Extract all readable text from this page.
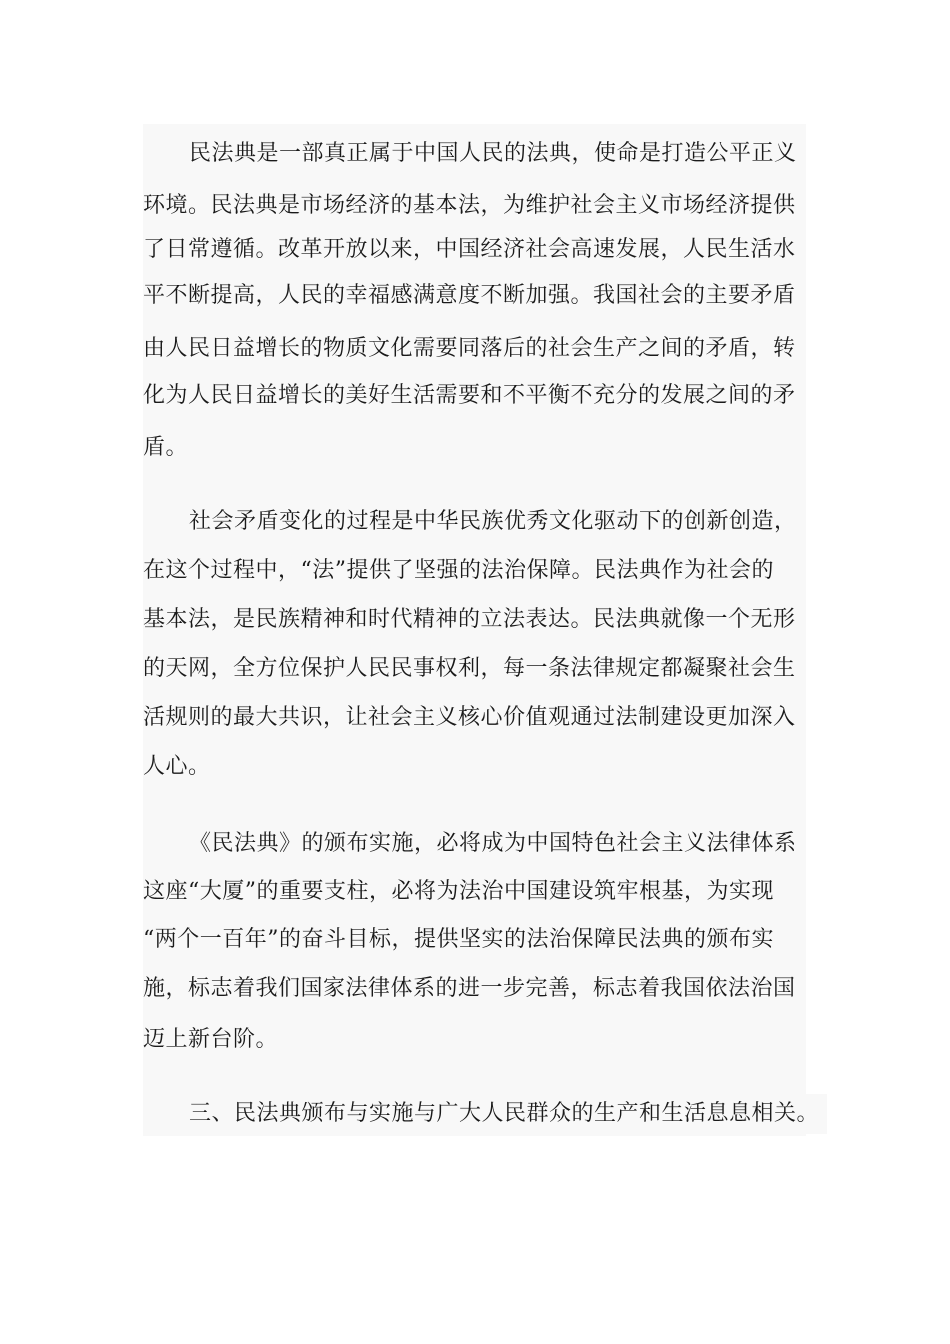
民法典是一部真正属于中国人民的法典，使命是打造公平正义
环境。民法典是市场经济的基本法，为维护社会主义市场经济提供
了日常遵循。改革开放以来，中国经济社会高速发展，人民生活水
平不断提高，人民的幸福感满意度不断加强。我国社会的主要矛盾
由人民日益增长的物质文化需要同落后的社会生产之间的矛盾，转
化为人民日益增长的美好生活需要和不平衡不充分的发展之间的矛
盾。
社会矛盾变化的过程是中华民族优秀文化驱动下的创新创造，
在这个过程中，“法”提供了坚强的法治保障。民法典作为社会的
基本法，是民族精神和时代精神的立法表达。民法典就像一个无形
的天网，全方位保护人民民事权利，每一条法律规定都凝聚社会生
活规则的最大共识，让社会主义核心价值观通过法制建设更加深入
人心。
《民法典》的颁布实施，必将成为中国特色社会主义法律体系
这座“大厦”的重要支柱，必将为法治中国建设筑牢根基，为实现
“两个一百年”的奋斗目标，提供坚实的法治保障民法典的颁布实
施，标志着我们国家法律体系的进一步完善，标志着我国依法治国
迈上新台阶。
三、民法典颁布与实施与广大人民群众的生产和生活息息相关。
